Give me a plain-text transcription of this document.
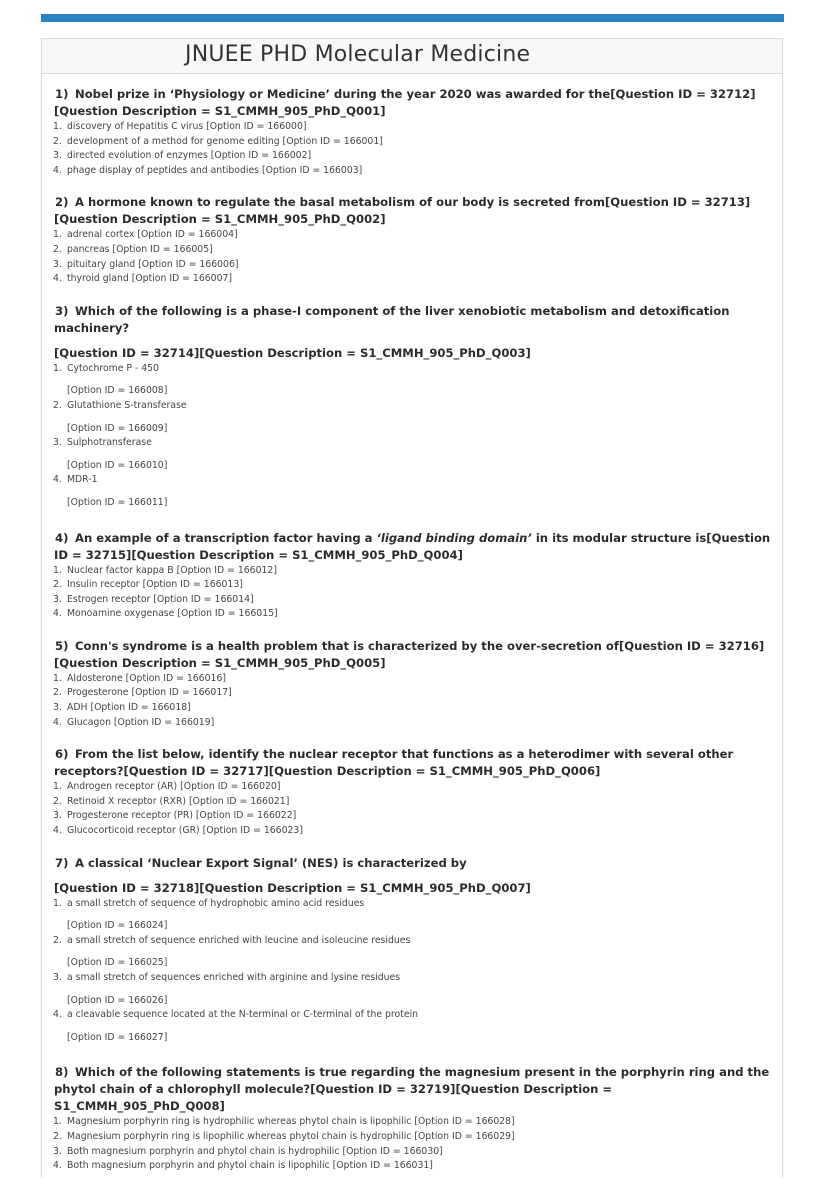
JNUEE PHD Molecular Medicine
1) Nobel prize in ‘Physiology or Medicine’ during the year 2020 was awarded for the[Question ID = 32712][Question Description = S1_CMMH_905_PhD_Q001]
1. discovery of Hepatitis C virus [Option ID = 166000]
2. development of a method for genome editing [Option ID = 166001]
3. directed evolution of enzymes [Option ID = 166002]
4. phage display of peptides and antibodies [Option ID = 166003]
2) A hormone known to regulate the basal metabolism of our body is secreted from[Question ID = 32713][Question Description = S1_CMMH_905_PhD_Q002]
1. adrenal cortex [Option ID = 166004]
2. pancreas [Option ID = 166005]
3. pituitary gland [Option ID = 166006]
4. thyroid gland [Option ID = 166007]
3) Which of the following is a phase-I component of the liver xenobiotic metabolism and detoxification machinery?
[Question ID = 32714][Question Description = S1_CMMH_905_PhD_Q003]
1. Cytochrome P - 450
[Option ID = 166008]
2. Glutathione S-transferase
[Option ID = 166009]
3. Sulphotransferase
[Option ID = 166010]
4. MDR-1
[Option ID = 166011]
4) An example of a transcription factor having a ‘ligand binding domain’ in its modular structure is[Question ID = 32715][Question Description = S1_CMMH_905_PhD_Q004]
1. Nuclear factor kappa B [Option ID = 166012]
2. Insulin receptor [Option ID = 166013]
3. Estrogen receptor [Option ID = 166014]
4. Monoamine oxygenase [Option ID = 166015]
5) Conn's syndrome is a health problem that is characterized by the over-secretion of[Question ID = 32716][Question Description = S1_CMMH_905_PhD_Q005]
1. Aldosterone [Option ID = 166016]
2. Progesterone [Option ID = 166017]
3. ADH [Option ID = 166018]
4. Glucagon [Option ID = 166019]
6) From the list below, identify the nuclear receptor that functions as a heterodimer with several other receptors?[Question ID = 32717][Question Description = S1_CMMH_905_PhD_Q006]
1. Androgen receptor (AR) [Option ID = 166020]
2. Retinoid X receptor (RXR) [Option ID = 166021]
3. Progesterone receptor (PR) [Option ID = 166022]
4. Glucocorticoid receptor (GR) [Option ID = 166023]
7) A classical ‘Nuclear Export Signal’ (NES) is characterized by
[Question ID = 32718][Question Description = S1_CMMH_905_PhD_Q007]
1. a small stretch of sequence of hydrophobic amino acid residues
[Option ID = 166024]
2. a small stretch of sequence enriched with leucine and isoleucine residues
[Option ID = 166025]
3. a small stretch of sequences enriched with arginine and lysine residues
[Option ID = 166026]
4. a cleavable sequence located at the N-terminal or C-terminal of the protein
[Option ID = 166027]
8) Which of the following statements is true regarding the magnesium present in the porphyrin ring and the phytol chain of a chlorophyll molecule?[Question ID = 32719][Question Description = S1_CMMH_905_PhD_Q008]
1. Magnesium porphyrin ring is hydrophilic whereas phytol chain is lipophilic [Option ID = 166028]
2. Magnesium porphyrin ring is lipophilic whereas phytol chain is hydrophilic [Option ID = 166029]
3. Both magnesium porphyrin and phytol chain is hydrophilic [Option ID = 166030]
4. Both magnesium porphyrin and phytol chain is lipophilic [Option ID = 166031]
